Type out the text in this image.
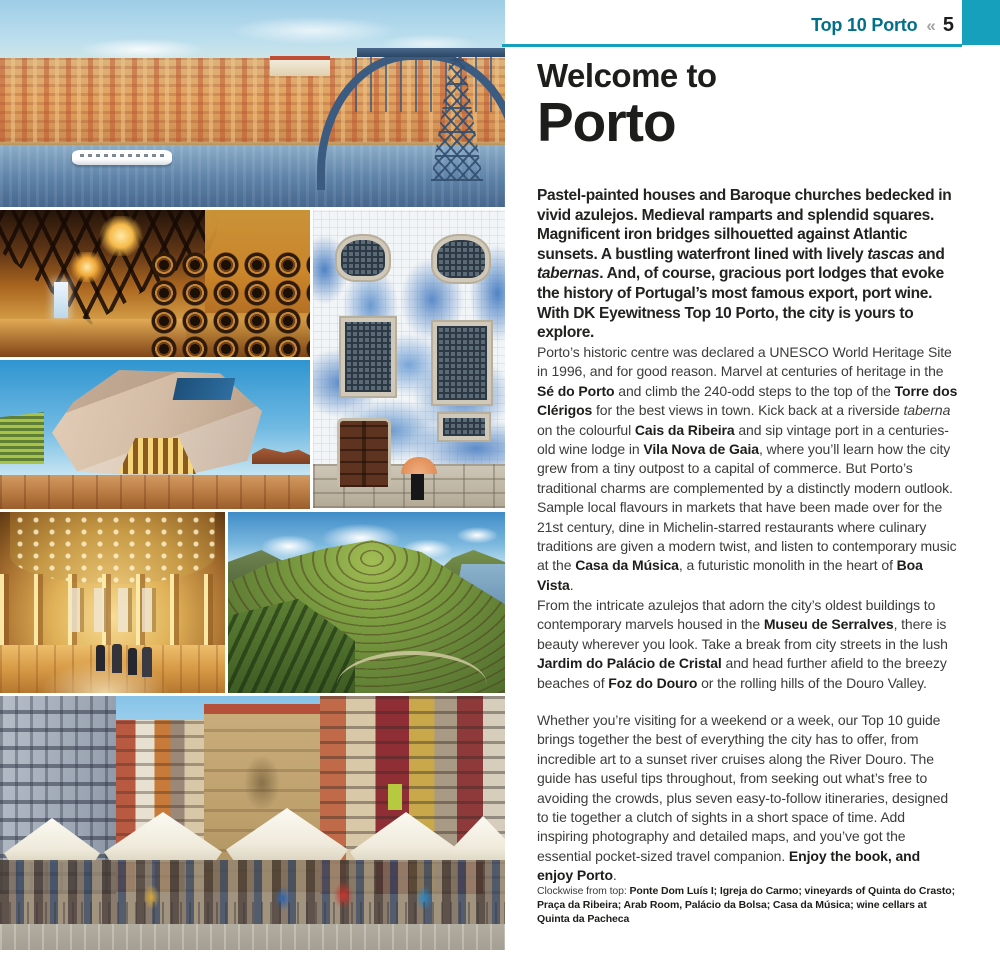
Top 10 Porto « 5
Welcome to
Porto

Pastel-painted houses and Baroque churches bedecked in vivid azulejos. Medieval ramparts and splendid squares. Magnificent iron bridges silhouetted against Atlantic sunsets. A bustling waterfront lined with lively tascas and tabernas. And, of course, gracious port lodges that evoke the history of Portugal’s most famous export, port wine. With DK Eyewitness Top 10 Porto, the city is yours to explore.

Porto’s historic centre was declared a UNESCO World Heritage Site in 1996, and for good reason. Marvel at centuries of heritage in the Sé do Porto and climb the 240-odd steps to the top of the Torre dos Clérigos for the best views in town. Kick back at a riverside taberna on the colourful Cais da Ribeira and sip vintage port in a centuries-old wine lodge in Vila Nova de Gaia, where you’ll learn how the city grew from a tiny outpost to a capital of commerce. But Porto’s traditional charms are complemented by a distinctly modern outlook. Sample local flavours in markets that have been made over for the 21st century, dine in Michelin-starred restaurants where culinary traditions are given a modern twist, and listen to contemporary music at the Casa da Música, a futuristic monolith in the heart of Boa Vista.

From the intricate azulejos that adorn the city’s oldest buildings to contemporary marvels housed in the Museu de Serralves, there is beauty wherever you look. Take a break from city streets in the lush Jardim do Palácio de Cristal and head further afield to the breezy beaches of Foz do Douro or the rolling hills of the Douro Valley.

Whether you’re visiting for a weekend or a week, our Top 10 guide brings together the best of everything the city has to offer, from incredible art to a sunset river cruises along the River Douro. The guide has useful tips throughout, from seeking out what’s free to avoiding the crowds, plus seven easy-to-follow itineraries, designed to tie together a clutch of sights in a short space of time. Add inspiring photography and detailed maps, and you’ve got the essential pocket-sized travel companion. Enjoy the book, and enjoy Porto.

Clockwise from top: Ponte Dom Luís I; Igreja do Carmo; vineyards of Quinta do Crasto; Praça da Ribeira; Arab Room, Palácio da Bolsa; Casa da Música; wine cellars at Quinta da Pacheca
